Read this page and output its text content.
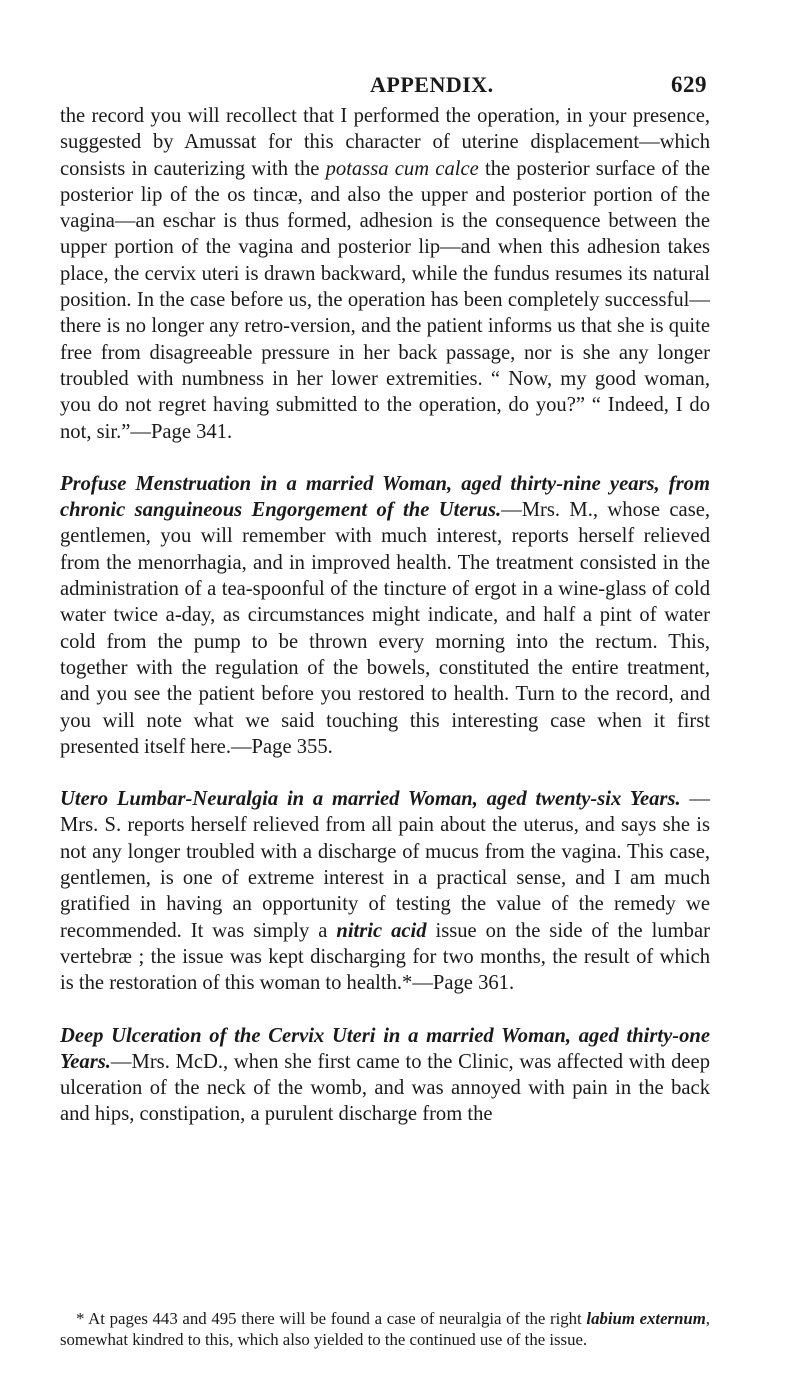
APPENDIX.	629

the record you will recollect that I performed the operation, in your presence, suggested by Amussat for this character of uterine displacement—which consists in cauterizing with the potassa cum calce the posterior surface of the posterior lip of the os tincæ, and also the upper and posterior portion of the vagina—an eschar is thus formed, adhesion is the consequence between the upper portion of the vagina and posterior lip—and when this adhesion takes place, the cervix uteri is drawn backward, while the fundus resumes its natural position. In the case before us, the operation has been completely successful—there is no longer any retro-version, and the patient informs us that she is quite free from disagreeable pressure in her back passage, nor is she any longer troubled with numbness in her lower extremities. “ Now, my good woman, you do not regret having submitted to the operation, do you?” “ Indeed, I do not, sir.”—Page 341.

Profuse Menstruation in a married Woman, aged thirty-nine years, from chronic sanguineous Engorgement of the Uterus.—Mrs. M., whose case, gentlemen, you will remember with much interest, reports herself relieved from the menorrhagia, and in improved health. The treatment consisted in the administration of a tea-spoonful of the tincture of ergot in a wine-glass of cold water twice a-day, as circumstances might indicate, and half a pint of water cold from the pump to be thrown every morning into the rectum. This, together with the regulation of the bowels, constituted the entire treatment, and you see the patient before you restored to health. Turn to the record, and you will note what we said touching this interesting case when it first presented itself here.—Page 355.

Utero Lumbar-Neuralgia in a married Woman, aged twenty-six Years. —Mrs. S. reports herself relieved from all pain about the uterus, and says she is not any longer troubled with a discharge of mucus from the vagina. This case, gentlemen, is one of extreme interest in a practical sense, and I am much gratified in having an opportunity of testing the value of the remedy we recommended. It was simply a nitric acid issue on the side of the lumbar vertebræ ; the issue was kept discharging for two months, the result of which is the restoration of this woman to health.*—Page 361.

Deep Ulceration of the Cervix Uteri in a married Woman, aged thirty-one Years.—Mrs. McD., when she first came to the Clinic, was affected with deep ulceration of the neck of the womb, and was annoyed with pain in the back and hips, constipation, a purulent discharge from the

* At pages 443 and 495 there will be found a case of neuralgia of the right labium externum, somewhat kindred to this, which also yielded to the continued use of the issue.
